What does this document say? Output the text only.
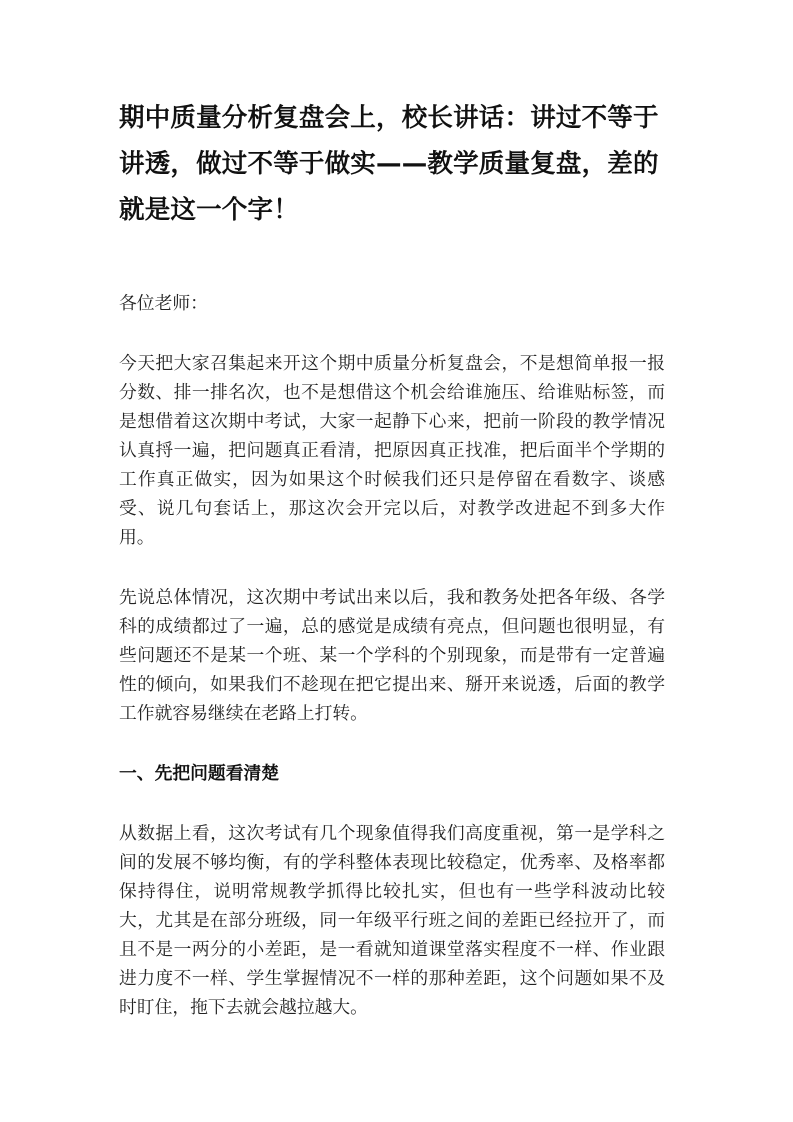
期中质量分析复盘会上，校长讲话：讲过不等于讲透，做过不等于做实——教学质量复盘，差的就是这一个字！

各位老师：

今天把大家召集起来开这个期中质量分析复盘会，不是想简单报一报分数、排一排名次，也不是想借这个机会给谁施压、给谁贴标签，而是想借着这次期中考试，大家一起静下心来，把前一阶段的教学情况认真捋一遍，把问题真正看清，把原因真正找准，把后面半个学期的工作真正做实，因为如果这个时候我们还只是停留在看数字、谈感受、说几句套话上，那这次会开完以后，对教学改进起不到多大作用。

先说总体情况，这次期中考试出来以后，我和教务处把各年级、各学科的成绩都过了一遍，总的感觉是成绩有亮点，但问题也很明显，有些问题还不是某一个班、某一个学科的个别现象，而是带有一定普遍性的倾向，如果我们不趁现在把它提出来、掰开来说透，后面的教学工作就容易继续在老路上打转。

一、先把问题看清楚

从数据上看，这次考试有几个现象值得我们高度重视，第一是学科之间的发展不够均衡，有的学科整体表现比较稳定，优秀率、及格率都保持得住，说明常规教学抓得比较扎实，但也有一些学科波动比较大，尤其是在部分班级，同一年级平行班之间的差距已经拉开了，而且不是一两分的小差距，是一看就知道课堂落实程度不一样、作业跟进力度不一样、学生掌握情况不一样的那种差距，这个问题如果不及时盯住，拖下去就会越拉越大。
